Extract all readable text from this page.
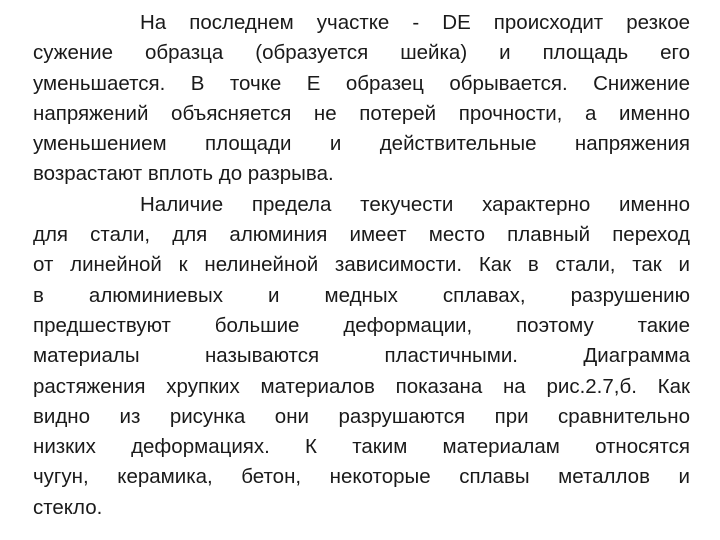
На последнем участке - DE происходит резкое
сужение образца (образуется шейка) и площадь его
уменьшается. В точке E образец обрывается. Снижение
напряжений объясняется не потерей прочности, а именно
уменьшением площади и действительные напряжения
возрастают вплоть до разрыва.
Наличие предела текучести характерно именно
для стали, для алюминия имеет место плавный переход
от линейной к нелинейной зависимости. Как в стали, так и
в алюминиевых и медных сплавах, разрушению
предшествуют большие деформации, поэтому такие
материалы называются пластичными. Диаграмма
растяжения хрупких материалов показана на рис.2.7,б. Как
видно из рисунка они разрушаются при сравнительно
низких деформациях. К таким материалам относятся
чугун, керамика, бетон, некоторые сплавы металлов и
стекло.
